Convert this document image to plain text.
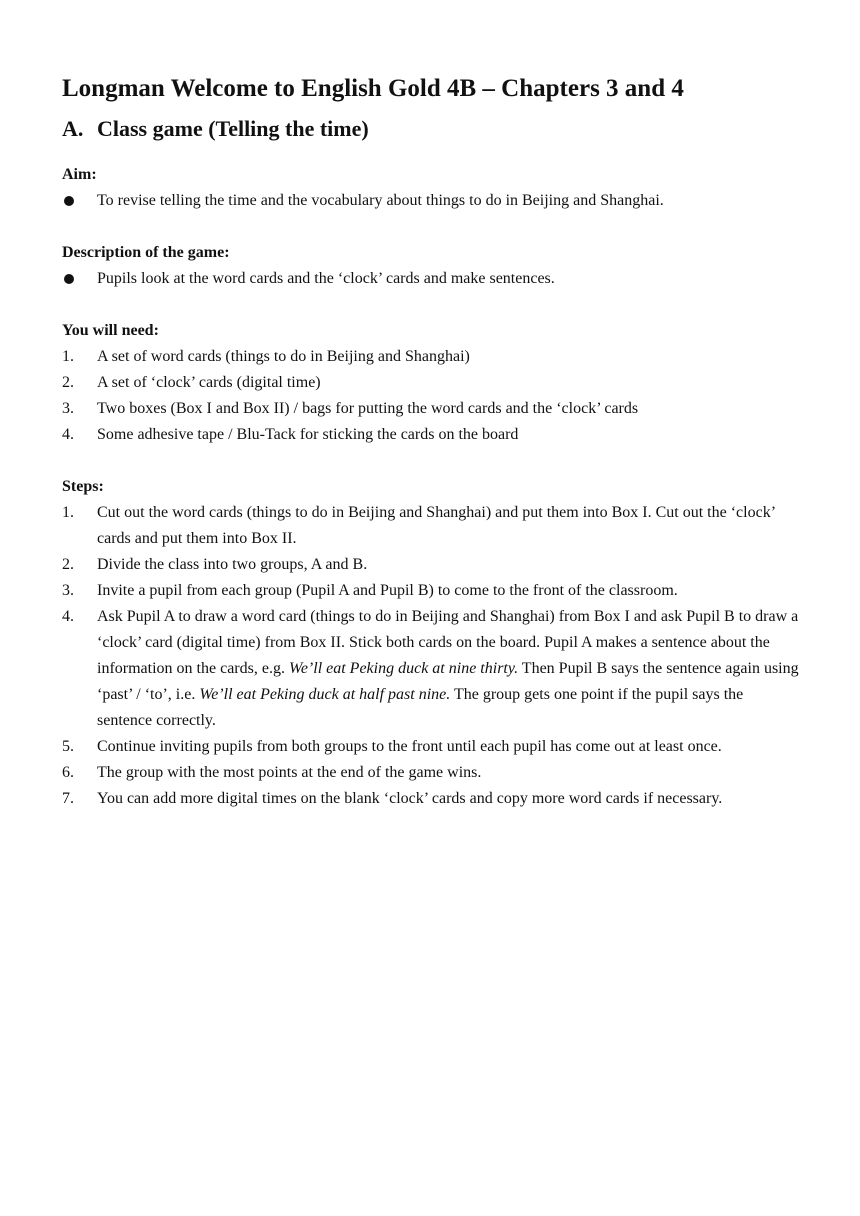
Longman Welcome to English Gold 4B – Chapters 3 and 4
A. Class game (Telling the time)

Aim:

To revise telling the time and the vocabulary about things to do in Beijing and Shanghai.

Description of the game:

Pupils look at the word cards and the ‘clock’ cards and make sentences.

You will need:

1.	A set of word cards (things to do in Beijing and Shanghai)
2.	A set of ‘clock’ cards (digital time)
3.	Two boxes (Box I and Box II) / bags for putting the word cards and the ‘clock’ cards
4.	Some adhesive tape / Blu-Tack for sticking the cards on the board

Steps:

1.	Cut out the word cards (things to do in Beijing and Shanghai) and put them into Box I. Cut out the ‘clock’ cards and put them into Box II.
2.	Divide the class into two groups, A and B.
3.	Invite a pupil from each group (Pupil A and Pupil B) to come to the front of the classroom.
4.	Ask Pupil A to draw a word card (things to do in Beijing and Shanghai) from Box I and ask Pupil B to draw a ‘clock’ card (digital time) from Box II. Stick both cards on the board. Pupil A makes a sentence about the information on the cards, e.g. We’ll eat Peking duck at nine thirty. Then Pupil B says the sentence again using ‘past’ / ‘to’, i.e. We’ll eat Peking duck at half past nine. The group gets one point if the pupil says the sentence correctly.
5.	Continue inviting pupils from both groups to the front until each pupil has come out at least once.
6.	The group with the most points at the end of the game wins.
7.	You can add more digital times on the blank ‘clock’ cards and copy more word cards if necessary.
